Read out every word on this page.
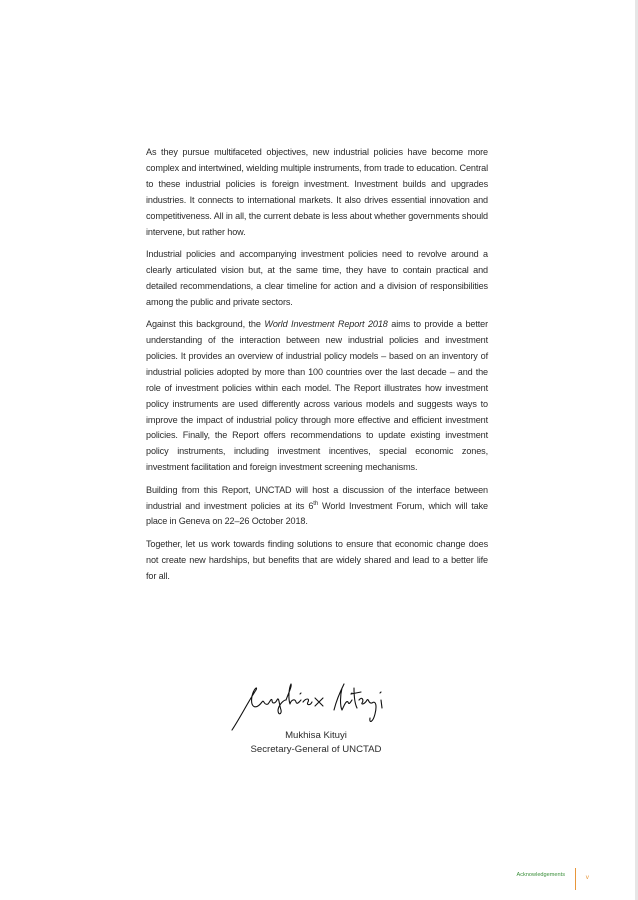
As they pursue multifaceted objectives, new industrial policies have become more complex and intertwined, wielding multiple instruments, from trade to education. Central to these industrial policies is foreign investment. Investment builds and upgrades industries. It connects to international markets. It also drives essential innovation and competitiveness. All in all, the current debate is less about whether governments should intervene, but rather how.

Industrial policies and accompanying investment policies need to revolve around a clearly articulated vision but, at the same time, they have to contain practical and detailed recommendations, a clear timeline for action and a division of responsibilities among the public and private sectors.

Against this background, the World Investment Report 2018 aims to provide a better understanding of the interaction between new industrial policies and investment policies. It provides an overview of industrial policy models – based on an inventory of industrial policies adopted by more than 100 countries over the last decade – and the role of investment policies within each model. The Report illustrates how investment policy instruments are used differently across various models and suggests ways to improve the impact of industrial policy through more effective and efficient investment policies. Finally, the Report offers recommendations to update existing investment policy instruments, including investment incentives, special economic zones, investment facilitation and foreign investment screening mechanisms.

Building from this Report, UNCTAD will host a discussion of the interface between industrial and investment policies at its 6th World Investment Forum, which will take place in Geneva on 22–26 October 2018.

Together, let us work towards finding solutions to ensure that economic change does not create new hardships, but benefits that are widely shared and lead to a better life for all.

Mukhisa Kituyi
Secretary-General of UNCTAD
Acknowledgements	v
